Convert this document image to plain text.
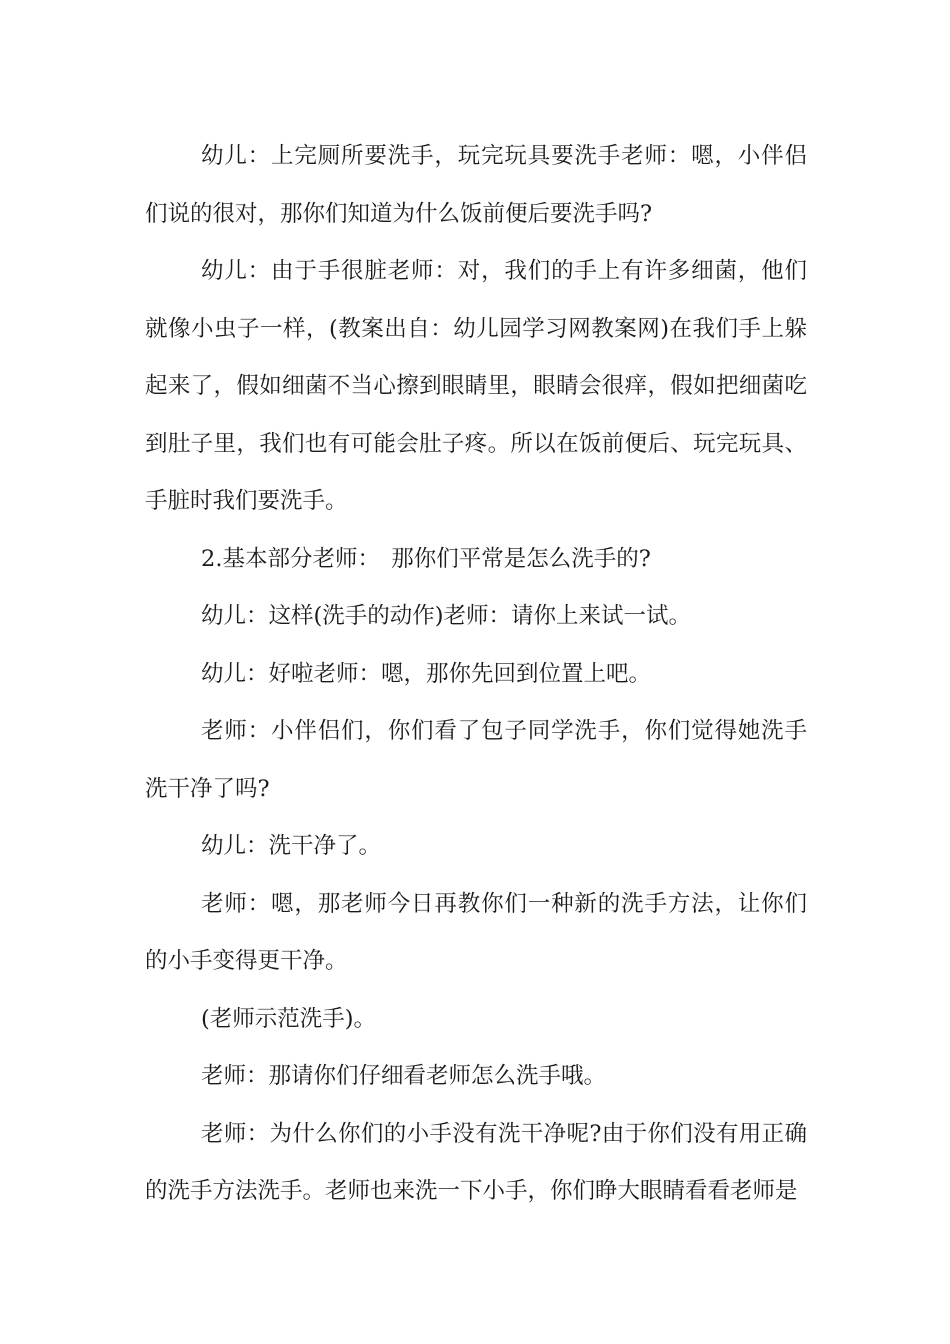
幼儿：上完厕所要洗手，玩完玩具要洗手老师：嗯，小伴侣们说的很对，那你们知道为什么饭前便后要洗手吗?

幼儿：由于手很脏老师：对，我们的手上有许多细菌，他们就像小虫子一样，(教案出自：幼儿园学习网教案网)在我们手上躲起来了，假如细菌不当心擦到眼睛里，眼睛会很痒，假如把细菌吃到肚子里，我们也有可能会肚子疼。所以在饭前便后、玩完玩具、手脏时我们要洗手。

2.基本部分老师：　那你们平常是怎么洗手的?

幼儿：这样(洗手的动作)老师：请你上来试一试。

幼儿：好啦老师：嗯，那你先回到位置上吧。

老师：小伴侣们，你们看了包子同学洗手，你们觉得她洗手洗干净了吗?

幼儿：洗干净了。

老师：嗯，那老师今日再教你们一种新的洗手方法，让你们的小手变得更干净。

(老师示范洗手)。

老师：那请你们仔细看老师怎么洗手哦。

老师：为什么你们的小手没有洗干净呢?由于你们没有用正确的洗手方法洗手。老师也来洗一下小手，你们睁大眼睛看看老师是
